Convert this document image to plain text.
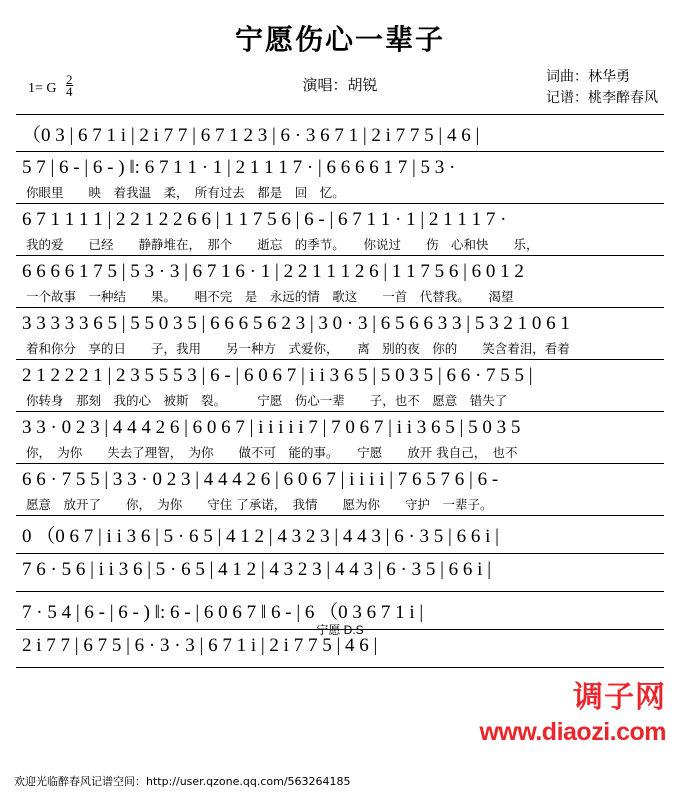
宁愿伤心一辈子
1= G $\frac{2}{4}$	演唱：胡锐
词曲：林华勇
记谱：桃李醉春风
（0 3 | 6 7 1 i | 2 i 7 7 | 6 7 1 2 3 | 6 · 3 6 7 1 | 2 i 7 7 5 | 4 6 |
5 7 | 6 - | 6 - ) ‖: 6 7 1 1 · 1 | 2 1 1 1 7 · | 6 6 6 6 1 7 | 5 3 ·
你眼里　　映　着我温　柔，　所有过去　都是　回　忆。
6 7 1 1 1 1 | 2 2 1 2 2 6 6 | 1 1 7 5 6 | 6 - | 6 7 1 1 · 1 | 2 1 1 1 7 ·
我的爱　　已经　　静静堆在，　那个　　逝忘　的季节。　　你说过　　伤　心和快　　乐，
6 6 6 6 1 7 5 | 5 3 · 3 | 6 7 1 6 · 1 | 2 2 1 1 1 2 6 | 1 1 7 5 6 | 6 0 1 2
一个故事　一种结　　果。　　唱不完　是　永远的情　歌这　　一首　代替我。　　渴望
3 3 3 3 3 6 5 | 5 5 0 3 5 | 6 6 6 5 6 2 3 | 3 0 · 3 | 6 5 6 6 3 3 | 5 3 2 1 0 6 1
着和你分　享的日　　子，我用　　另一种方　式爱你，　　离　别的夜　你的　　笑含着泪，看着
2 1 2 2 2 1 | 2 3 5 5 5 3 | 6 - | 6 0 6 7 | i i 3 6 5 | 5 0 3 5 | 6 6 · 7 5 5 |
你转身　那刻　我的心　被斯　裂。　　　宁愿　伤心一辈　　子，也不　愿意　错失了
3 3 · 0 2 3 | 4 4 4 2 6 | 6 0 6 7 | i i i i i 7 | 7 0 6 7 | i i 3 6 5 | 5 0 3 5
你，　为你　　失去了理智，　为你　　做不可　能的事。　　宁愿　　放开 我自己，　也不
6 6 · 7 5 5 | 3 3 · 0 2 3 | 4 4 4 2 6 | 6 0 6 7 | i i i i | 7 6 5 7 6 | 6 -
愿意　放开了　　你，　为你　　守住 了承诺，　我情　　愿为你　　守护　一辈子。
0 （0 6 7 | i i 3 6 | 5 · 6 5 | 4 1 2 | 4 3 2 3 | 4 4 3 | 6 · 3 5 | 6 6 i |
7 6 · 5 6 | i i 3 6 | 5 · 6 5 | 4 1 2 | 4 3 2 3 | 4 4 3 | 6 · 3 5 | 6 6 i |
7 · 5 4 | 6 - | 6 - ) ‖: 6 - | 6 0 6 7 ‖ 6 - | 6 （0 3 6 7 1 i |
宁愿 D.S
2 i 7 7 | 6 7 5 | 6 · 3 · 3 | 6 7 1 i | 2 i 7 7 5 | 4 6 |
调子网
www.diaozi.com
欢迎光临醉春风记谱空间：http://user.qzone.qq.com/563264185
